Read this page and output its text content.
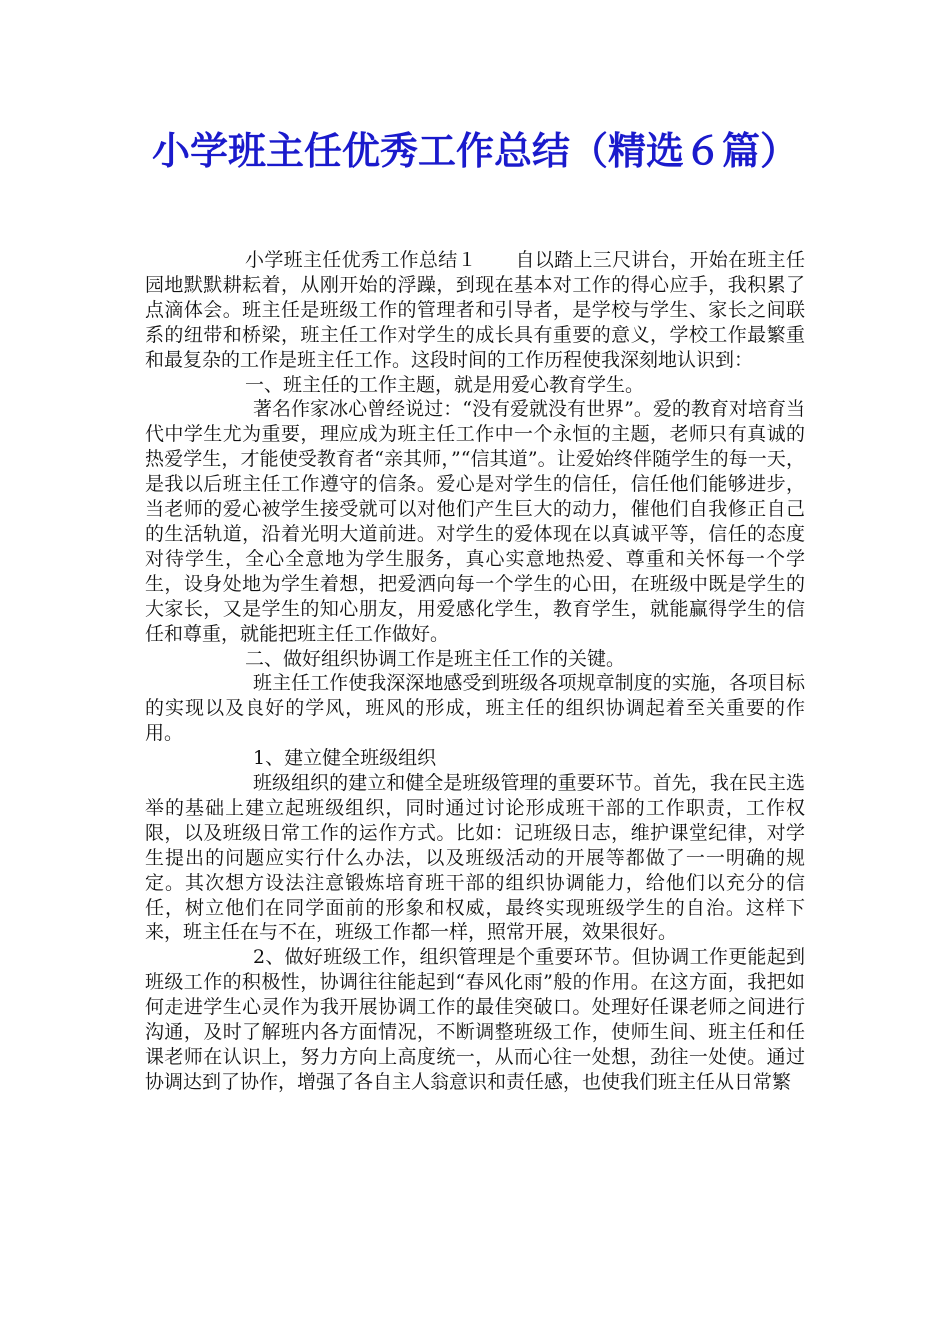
小学班主任优秀工作总结（精选６篇）

小学班主任优秀工作总结１　　自以踏上三尺讲台，开始在班主任园地默默耕耘着，从刚开始的浮躁，到现在基本对工作的得心应手，我积累了点滴体会。班主任是班级工作的管理者和引导者，是学校与学生、家长之间联系的纽带和桥梁，班主任工作对学生的成长具有重要的意义，学校工作最繁重和最复杂的工作是班主任工作。这段时间的工作历程使我深刻地认识到：

一、班主任的工作主题，就是用爱心教育学生。

著名作家冰心曾经说过：“没有爱就没有世界”。爱的教育对培育当代中学生尤为重要，理应成为班主任工作中一个永恒的主题，老师只有真诚的热爱学生，才能使受教育者“亲其师，”“信其道”。让爱始终伴随学生的每一天，是我以后班主任工作遵守的信条。爱心是对学生的信任，信任他们能够进步，当老师的爱心被学生接受就可以对他们产生巨大的动力，催他们自我修正自己的生活轨道，沿着光明大道前进。对学生的爱体现在以真诚平等，信任的态度对待学生，全心全意地为学生服务，真心实意地热爱、尊重和关怀每一个学生，设身处地为学生着想，把爱洒向每一个学生的心田，在班级中既是学生的大家长，又是学生的知心朋友，用爱感化学生，教育学生，就能赢得学生的信任和尊重，就能把班主任工作做好。

二、做好组织协调工作是班主任工作的关键。

班主任工作使我深深地感受到班级各项规章制度的实施，各项目标的实现以及良好的学风，班风的形成，班主任的组织协调起着至关重要的作用。

1、建立健全班级组织

班级组织的建立和健全是班级管理的重要环节。首先，我在民主选举的基础上建立起班级组织，同时通过讨论形成班干部的工作职责，工作权限，以及班级日常工作的运作方式。比如：记班级日志，维护课堂纪律，对学生提出的问题应实行什么办法，以及班级活动的开展等都做了一一明确的规定。其次想方设法注意锻炼培育班干部的组织协调能力，给他们以充分的信任，树立他们在同学面前的形象和权威，最终实现班级学生的自治。这样下来，班主任在与不在，班级工作都一样，照常开展，效果很好。

2、做好班级工作，组织管理是个重要环节。但协调工作更能起到班级工作的积极性，协调往往能起到“春风化雨”般的作用。在这方面，我把如何走进学生心灵作为我开展协调工作的最佳突破口。处理好任课老师之间进行沟通，及时了解班内各方面情况，不断调整班级工作，使师生间、班主任和任课老师在认识上，努力方向上高度统一，从而心往一处想，劲往一处使。通过协调达到了协作，增强了各自主人翁意识和责任感，也使我们班主任从日常繁
